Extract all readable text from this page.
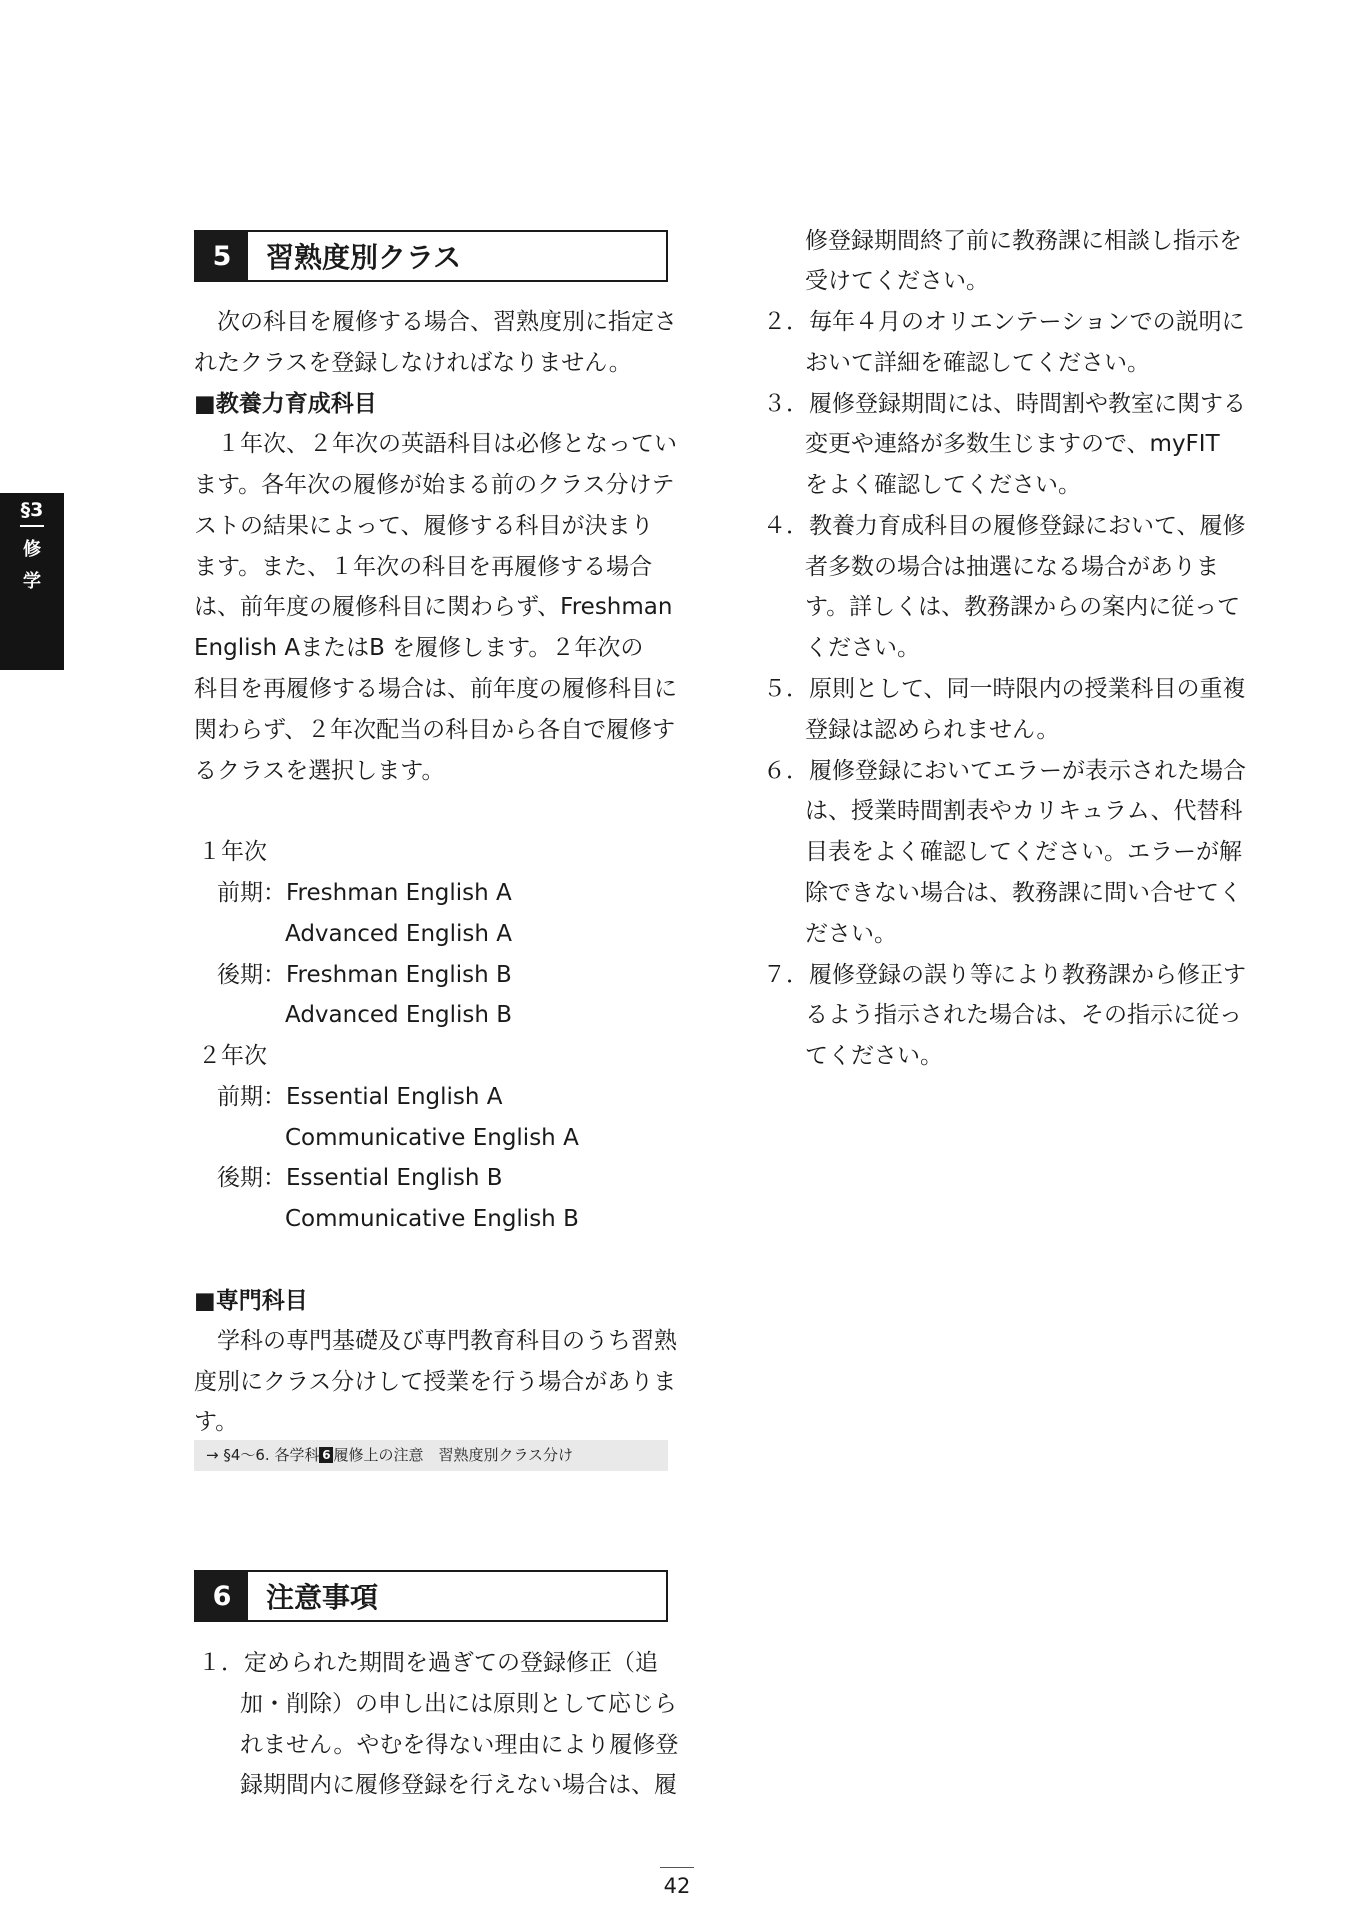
§3
修
学
5	習熟度別クラス
次の科目を履修する場合、習熟度別に指定さ
れたクラスを登録しなければなりません。
■教養力育成科目
１年次、２年次の英語科目は必修となってい
ます。各年次の履修が始まる前のクラス分けテ
ストの結果によって、履修する科目が決まり
ます。また、１年次の科目を再履修する場合
は、前年度の履修科目に関わらず、Freshman
English AまたはB を履修します。２年次の
科目を再履修する場合は、前年度の履修科目に
関わらず、２年次配当の科目から各自で履修す
るクラスを選択します。
１年次
前期：Freshman English A
Advanced English A
後期：Freshman English B
Advanced English B
２年次
前期：Essential English A
Communicative English A
後期：Essential English B
Communicative English B
■専門科目
学科の専門基礎及び専門教育科目のうち習熟
度別にクラス分けして授業を行う場合がありま
す。
→ §4～6. 各学科 6 履修上の注意　習熟度別クラス分け
6	注意事項
１．定められた期間を過ぎての登録修正（追
加・削除）の申し出には原則として応じら
れません。やむを得ない理由により履修登
録期間内に履修登録を行えない場合は、履
修登録期間終了前に教務課に相談し指示を
受けてください。
２．毎年４月のオリエンテーションでの説明に
おいて詳細を確認してください。
３．履修登録期間には、時間割や教室に関する
変更や連絡が多数生じますので、myFIT
をよく確認してください。
４．教養力育成科目の履修登録において、履修
者多数の場合は抽選になる場合がありま
す。詳しくは、教務課からの案内に従って
ください。
５．原則として、同一時限内の授業科目の重複
登録は認められません。
６．履修登録においてエラーが表示された場合
は、授業時間割表やカリキュラム、代替科
目表をよく確認してください。エラーが解
除できない場合は、教務課に問い合せてく
ださい。
７．履修登録の誤り等により教務課から修正す
るよう指示された場合は、その指示に従っ
てください。
42
